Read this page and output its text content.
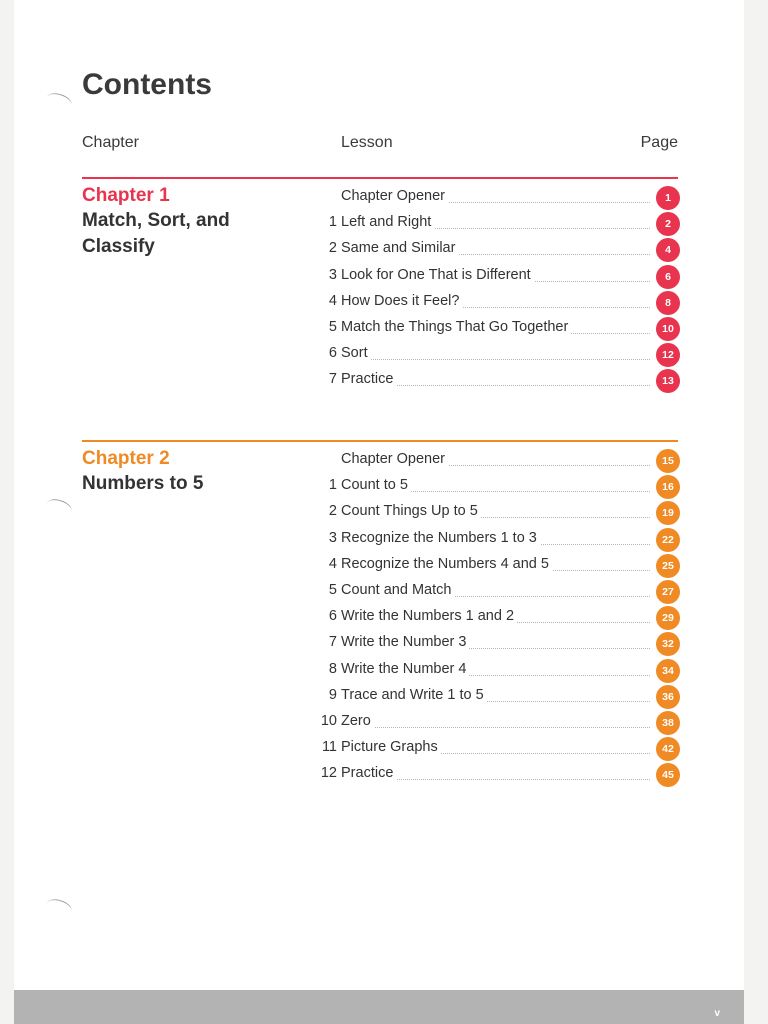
Contents
Chapter	Lesson	Page
Chapter 1
Match, Sort, and Classify
Chapter Opener	1
1 Left and Right	2
2 Same and Similar	4
3 Look for One That is Different	6
4 How Does it Feel?	8
5 Match the Things That Go Together	10
6 Sort	12
7 Practice	13
Chapter 2
Numbers to 5
Chapter Opener	15
1 Count to 5	16
2 Count Things Up to 5	19
3 Recognize the Numbers 1 to 3	22
4 Recognize the Numbers 4 and 5	25
5 Count and Match	27
6 Write the Numbers 1 and 2	29
7 Write the Number 3	32
8 Write the Number 4	34
9 Trace and Write 1 to 5	36
10 Zero	38
11 Picture Graphs	42
12 Practice	45
v
